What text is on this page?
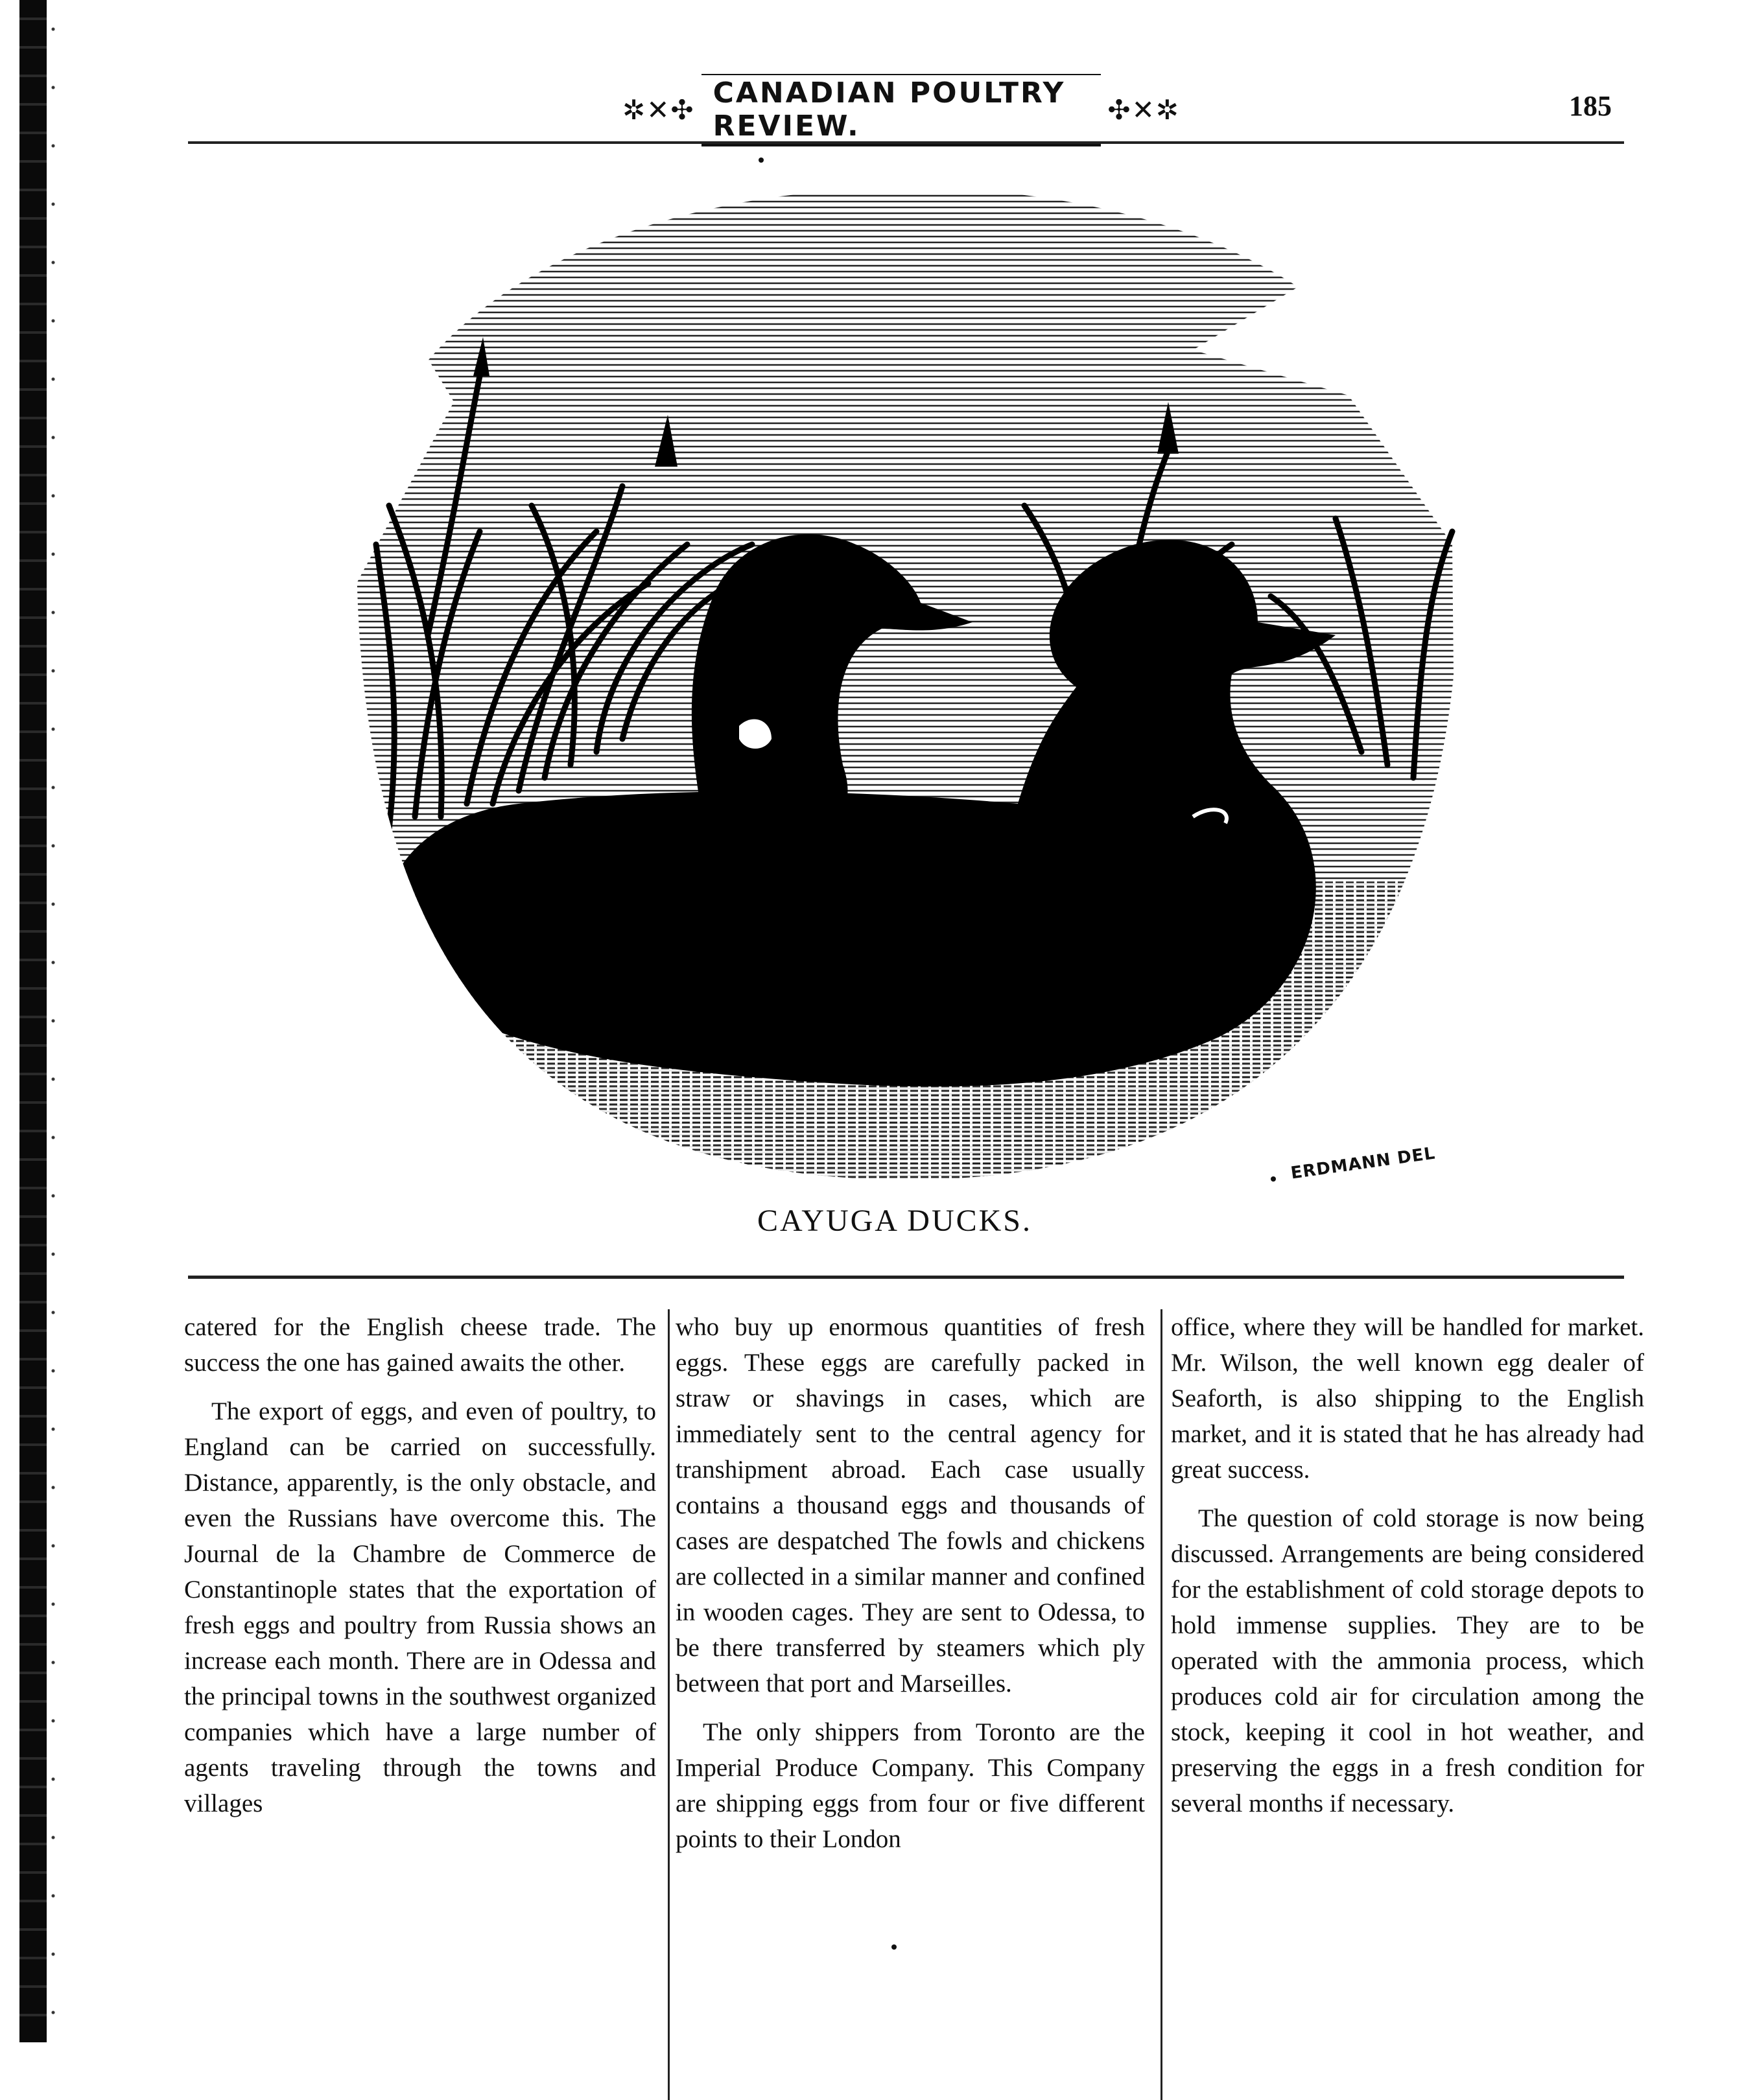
✲✕✣
CANADIAN POULTRY REVIEW.	✣✕✲	185
ERDMANN DEL
CAYUGA DUCKS.

catered for the English cheese trade. The success the one has gained awaits the other.

The export of eggs, and even of poultry, to England can be carried on successfully. Distance, apparently, is the only obstacle, and even the Russians have overcome this. The Journal de la Chambre de Commerce de Constantinople states that the exportation of fresh eggs and poultry from Russia shows an increase each month. There are in Odessa and the principal towns in the southwest organized companies which have a large number of agents traveling through the towns and villages

who buy up enormous quantities of fresh eggs. These eggs are carefully packed in straw or shavings in cases, which are immediately sent to the central agency for transhipment abroad. Each case usually contains a thousand eggs and thousands of cases are despatched The fowls and chickens are collected in a similar manner and confined in wooden cages. They are sent to Odessa, to be there transferred by steamers which ply between that port and Marseilles.

The only shippers from Toronto are the Imperial Produce Company. This Company are shipping eggs from four or five different points to their London

office, where they will be handled for market. Mr. Wilson, the well known egg dealer of Seaforth, is also shipping to the English market, and it is stated that he has already had great success.

The question of cold storage is now being discussed. Arrangements are being considered for the establishment of cold storage depots to hold immense supplies. They are to be operated with the ammonia process, which produces cold air for circulation among the stock, keeping it cool in hot weather, and preserving the eggs in a fresh condition for several months if necessary.
